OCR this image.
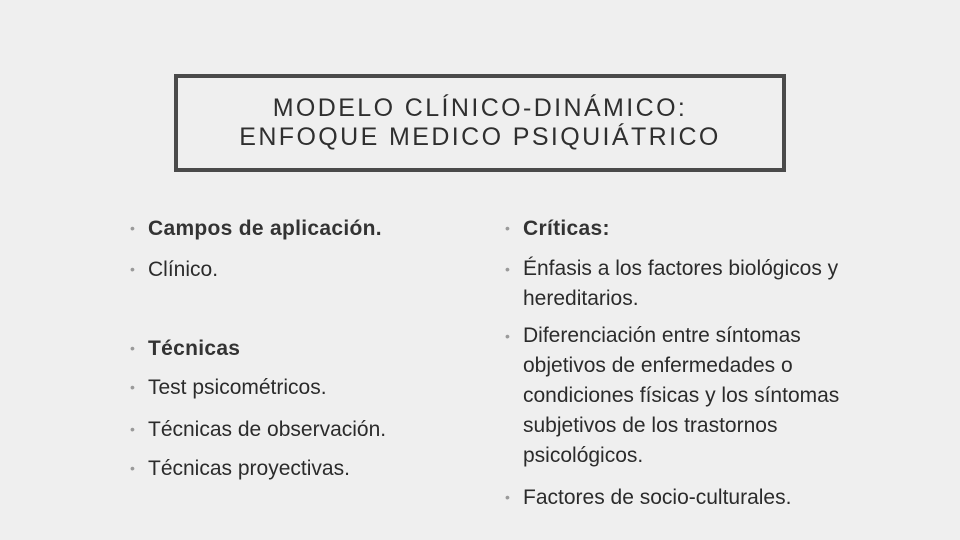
MODELO CLÍNICO-DINÁMICO:
ENFOQUE MEDICO PSIQUIÁTRICO
• Campos de aplicación.
• Clínico.
• Técnicas
• Test psicométricos.
• Técnicas de observación.
• Técnicas proyectivas.
• Críticas:
• Énfasis a los factores biológicos y
hereditarios.
• Diferenciación entre síntomas
objetivos de enfermedades o
condiciones físicas y los síntomas
subjetivos de los trastornos
psicológicos.
• Factores de socio-culturales.
